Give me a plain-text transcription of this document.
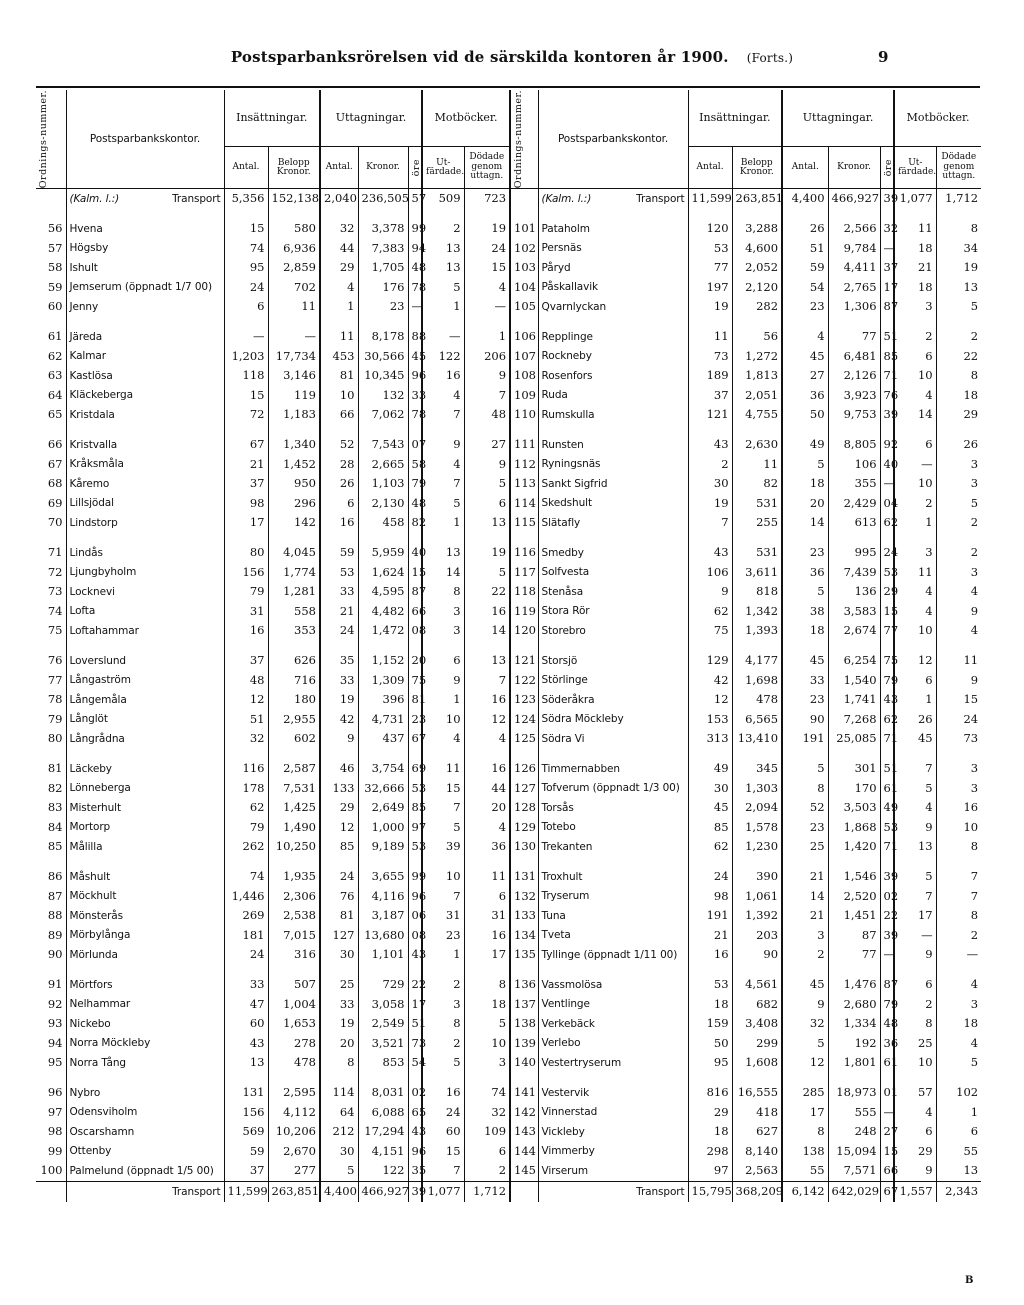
Postsparbanksrörelsen vid de särskilda kontoren år 1900. (Forts.)	9
Ordnings-nummer.	Postsparbankskontor.	Insättningar.		Uttagningar.			Motböcker.	
		Antal.	Belopp Kronor.	Antal.	Kronor.	öre	Ut-färdade.	Dödade genom uttagn.
	(Kalm. l.:) Transport	5,356	152,138	2,040	236,505	57	509	723

56	Hvena	15	580	32	3,378	99	2	19
57	Högsby	74	6,936	44	7,383	94	13	24
58	Ishult	95	2,859	29	1,705	48	13	15
59	Jemserum (öppnadt 1/7 00)	24	702	4	176	78	5	4
60	Jenny	6	11	1	23	—	1	—

61	Järeda	—	—	11	8,178	88	—	1
62	Kalmar	1,203	17,734	453	30,566	45	122	206
63	Kastlösa	118	3,146	81	10,345	96	16	9
64	Kläckeberga	15	119	10	132	33	4	7
65	Kristdala	72	1,183	66	7,062	78	7	48

66	Kristvalla	67	1,340	52	7,543	07	9	27
67	Kråksmåla	21	1,452	28	2,665	58	4	9
68	Kåremo	37	950	26	1,103	79	7	5
69	Lillsjödal	98	296	6	2,130	48	5	6
70	Lindstorp	17	142	16	458	82	1	13

71	Lindås	80	4,045	59	5,959	40	13	19
72	Ljungbyholm	156	1,774	53	1,624	15	14	5
73	Locknevi	79	1,281	33	4,595	87	8	22
74	Lofta	31	558	21	4,482	66	3	16
75	Loftahammar	16	353	24	1,472	08	3	14

76	Loverslund	37	626	35	1,152	20	6	13
77	Långaström	48	716	33	1,309	75	9	7
78	Långemåla	12	180	19	396	81	1	16
79	Långlöt	51	2,955	42	4,731	23	10	12
80	Långrådna	32	602	9	437	67	4	4

81	Läckeby	116	2,587	46	3,754	69	11	16
82	Lönneberga	178	7,531	133	32,666	53	15	44
83	Misterhult	62	1,425	29	2,649	85	7	20
84	Mortorp	79	1,490	12	1,000	97	5	4
85	Målilla	262	10,250	85	9,189	53	39	36

86	Måshult	74	1,935	24	3,655	99	10	11
87	Möckhult	1,446	2,306	76	4,116	96	7	6
88	Mönsterås	269	2,538	81	3,187	06	31	31
89	Mörbylånga	181	7,015	127	13,680	08	23	16
90	Mörlunda	24	316	30	1,101	43	1	17

91	Mörtfors	33	507	25	729	22	2	8
92	Nelhammar	47	1,004	33	3,058	17	3	18
93	Nickebo	60	1,653	19	2,549	51	8	5
94	Norra Möckleby	43	278	20	3,521	73	2	10
95	Norra Tång	13	478	8	853	54	5	3

96	Nybro	131	2,595	114	8,031	02	16	74
97	Odensviholm	156	4,112	64	6,088	65	24	32
98	Oscarshamn	569	10,206	212	17,294	43	60	109
99	Ottenby	59	2,670	30	4,151	96	15	6
100	Palmelund (öppnadt 1/5 00)	37	277	5	122	35	7	2
	Transport	11,599	263,851	4,400	466,927	39	1,077	1,712
Ordnings-nummer.	Postsparbankskontor.	Insättningar.		Uttagningar.			Motböcker.	
		Antal.	Belopp Kronor.	Antal.	Kronor.	öre	Ut-färdade.	Dödade genom uttagn.
	(Kalm. l.:) Transport	11,599	263,851	4,400	466,927	39	1,077	1,712

101	Pataholm	120	3,288	26	2,566	32	11	8
102	Persnäs	53	4,600	51	9,784	—	18	34
103	Påryd	77	2,052	59	4,411	37	21	19
104	Påskallavik	197	2,120	54	2,765	17	18	13
105	Qvarnlyckan	19	282	23	1,306	87	3	5

106	Repplinge	11	56	4	77	51	2	2
107	Rockneby	73	1,272	45	6,481	85	6	22
108	Rosenfors	189	1,813	27	2,126	71	10	8
109	Ruda	37	2,051	36	3,923	76	4	18
110	Rumskulla	121	4,755	50	9,753	39	14	29

111	Runsten	43	2,630	49	8,805	92	6	26
112	Ryningsnäs	2	11	5	106	40	—	3
113	Sankt Sigfrid	30	82	18	355	—	10	3
114	Skedshult	19	531	20	2,429	04	2	5
115	Slätafly	7	255	14	613	62	1	2

116	Smedby	43	531	23	995	24	3	2
117	Solfvesta	106	3,611	36	7,439	53	11	3
118	Stenåsa	9	818	5	136	29	4	4
119	Stora Rör	62	1,342	38	3,583	15	4	9
120	Storebro	75	1,393	18	2,674	77	10	4

121	Storsjö	129	4,177	45	6,254	75	12	11
122	Störlinge	42	1,698	33	1,540	79	6	9
123	Söderåkra	12	478	23	1,741	43	1	15
124	Södra Möckleby	153	6,565	90	7,268	62	26	24
125	Södra Vi	313	13,410	191	25,085	71	45	73

126	Timmernabben	49	345	5	301	51	7	3
127	Tofverum (öppnadt 1/3 00)	30	1,303	8	170	61	5	3
128	Torsås	45	2,094	52	3,503	49	4	16
129	Totebo	85	1,578	23	1,868	53	9	10
130	Trekanten	62	1,230	25	1,420	71	13	8

131	Troxhult	24	390	21	1,546	39	5	7
132	Tryserum	98	1,061	14	2,520	02	7	7
133	Tuna	191	1,392	21	1,451	22	17	8
134	Tveta	21	203	3	87	39	—	2
135	Tyllinge (öppnadt 1/11 00)	16	90	2	77	—	9	—

136	Vassmolösa	53	4,561	45	1,476	87	6	4
137	Ventlinge	18	682	9	2,680	79	2	3
138	Verkebäck	159	3,408	32	1,334	48	8	18
139	Verlebo	50	299	5	192	36	25	4
140	Vestertryserum	95	1,608	12	1,801	61	10	5

141	Vestervik	816	16,555	285	18,973	01	57	102
142	Vinnerstad	29	418	17	555	—	4	1
143	Vickleby	18	627	8	248	27	6	6
144	Vimmerby	298	8,140	138	15,094	15	29	55
145	Virserum	97	2,563	55	7,571	66	9	13
	Transport	15,795	368,209	6,142	642,029	67	1,557	2,343
B
